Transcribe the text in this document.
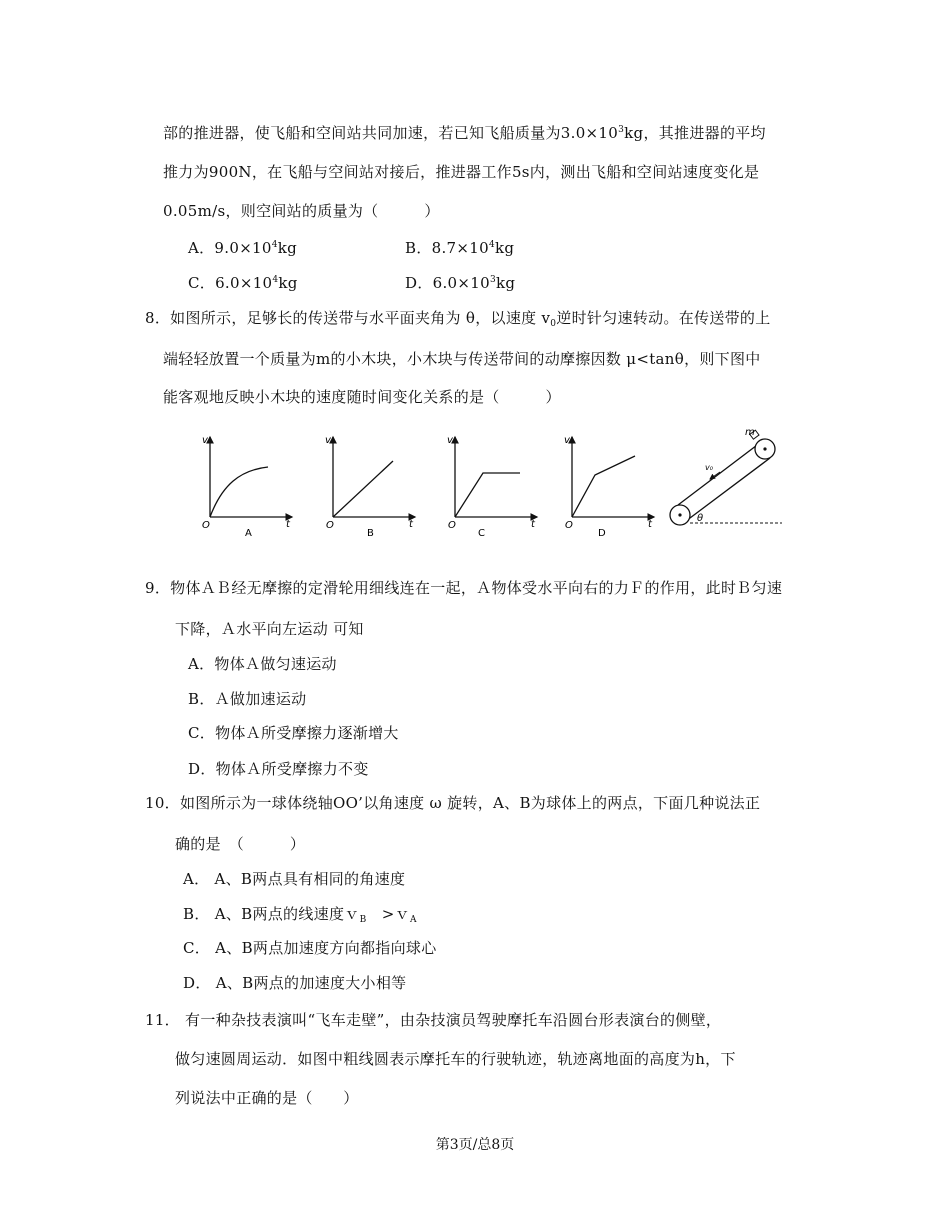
部的推进器，使飞船和空间站共同加速，若已知飞船质量为$3.0\times 10^3kg$，其推进器的平均
推力为900N，在飞船与空间站对接后，推进器工作5s内，测出飞船和空间站速度变化是
0.05m/s，则空间站的质量为（　　　）
A．$9.0\times 10^4kg$	B．$8.7\times 10^4kg$
C．$6.0\times 10^4kg$	D．$6.0\times 10^3kg$
8．如图所示，足够长的传送带与水平面夹角为 θ，以速度 $v_0$逆时针匀速转动。在传送带的上
端轻轻放置一个质量为m的小木块，小木块与传送带间的动摩擦因数 μ<tanθ，则下图中
能客观地反映小木块的速度随时间变化关系的是（　　　）
v
t
O
A
v
t
O
B
v
t
O
C
v
t
O
D
m
v₀
θ
9．物体ＡＢ经无摩擦的定滑轮用细线连在一起，Ａ物体受水平向右的力Ｆ的作用，此时Ｂ匀速
下降，Ａ水平向左运动 可知
A．物体Ａ做匀速运动
B．Ａ做加速运动
C．物体Ａ所受摩擦力逐渐增大
D．物体Ａ所受摩擦力不变
10．如图所示为一球体绕轴OO’以角速度 ω 旋转，A、B为球体上的两点，下面几种说法正
确的是　（　　　）
A． A、B两点具有相同的角速度
B． A、B两点的线速度ｖ$_B$　>ｖ$_A$
C． A、B两点加速度方向都指向球心
D． A、B两点的加速度大小相等
11． 有一种杂技表演叫“飞车走壁”，由杂技演员驾驶摩托车沿圆台形表演台的侧壁，
做匀速圆周运动．如图中粗线圆表示摩托车的行驶轨迹，轨迹离地面的高度为h，下
列说法中正确的是（　　）
第3页/总8页
